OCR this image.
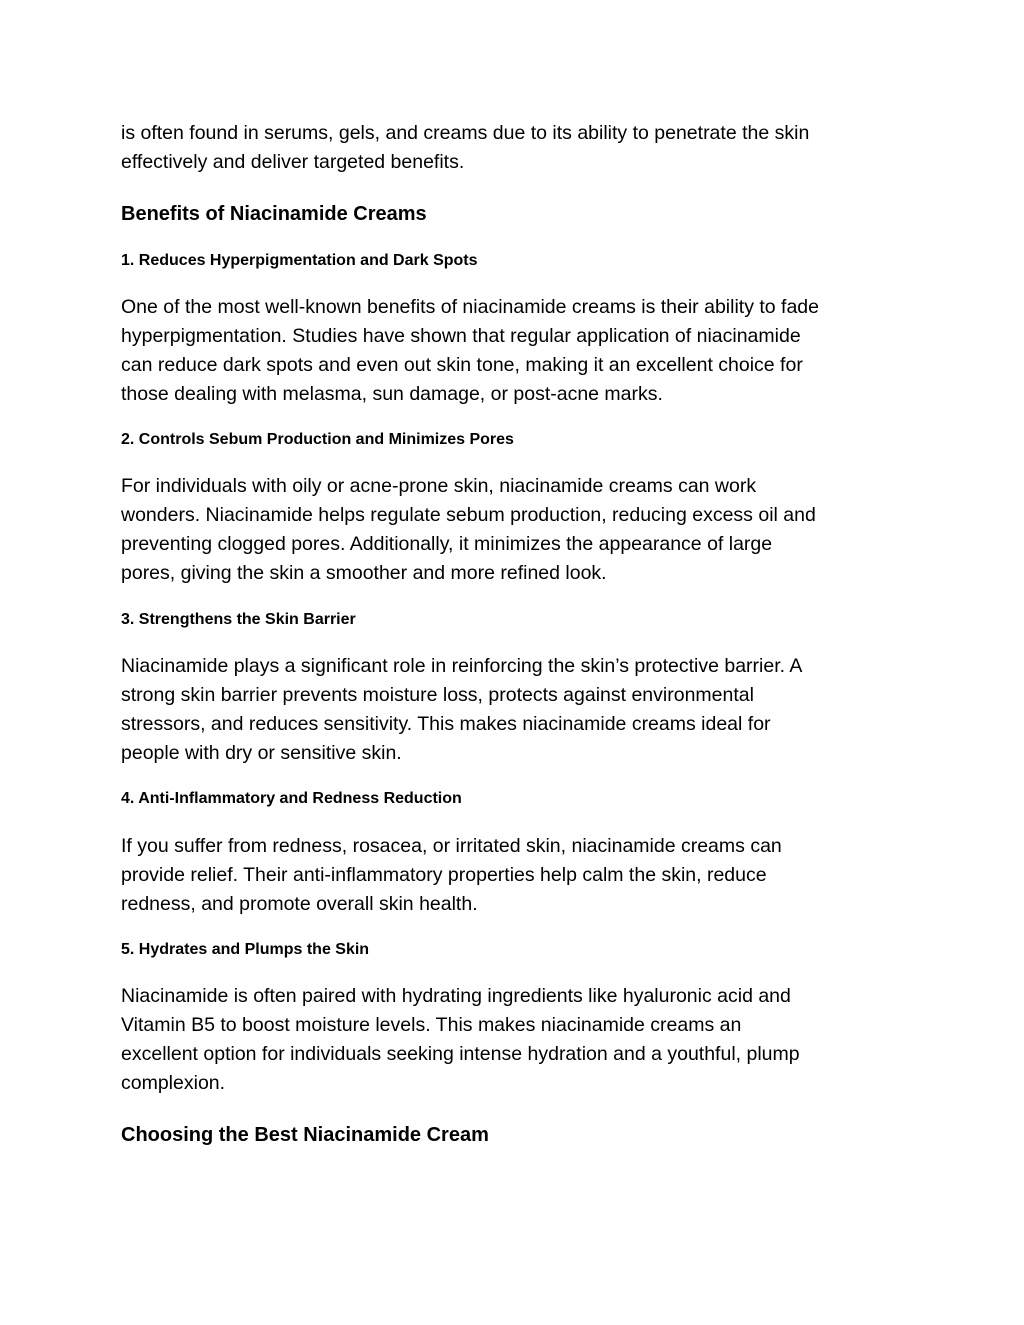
is often found in serums, gels, and creams due to its ability to penetrate the skin
effectively and deliver targeted benefits.
Benefits of Niacinamide Creams
1. Reduces Hyperpigmentation and Dark Spots
One of the most well-known benefits of niacinamide creams is their ability to fade
hyperpigmentation. Studies have shown that regular application of niacinamide
can reduce dark spots and even out skin tone, making it an excellent choice for
those dealing with melasma, sun damage, or post-acne marks.
2. Controls Sebum Production and Minimizes Pores
For individuals with oily or acne-prone skin, niacinamide creams can work
wonders. Niacinamide helps regulate sebum production, reducing excess oil and
preventing clogged pores. Additionally, it minimizes the appearance of large
pores, giving the skin a smoother and more refined look.
3. Strengthens the Skin Barrier
Niacinamide plays a significant role in reinforcing the skin’s protective barrier. A
strong skin barrier prevents moisture loss, protects against environmental
stressors, and reduces sensitivity. This makes niacinamide creams ideal for
people with dry or sensitive skin.
4. Anti-Inflammatory and Redness Reduction
If you suffer from redness, rosacea, or irritated skin, niacinamide creams can
provide relief. Their anti-inflammatory properties help calm the skin, reduce
redness, and promote overall skin health.
5. Hydrates and Plumps the Skin
Niacinamide is often paired with hydrating ingredients like hyaluronic acid and
Vitamin B5 to boost moisture levels. This makes niacinamide creams an
excellent option for individuals seeking intense hydration and a youthful, plump
complexion.
Choosing the Best Niacinamide Cream
